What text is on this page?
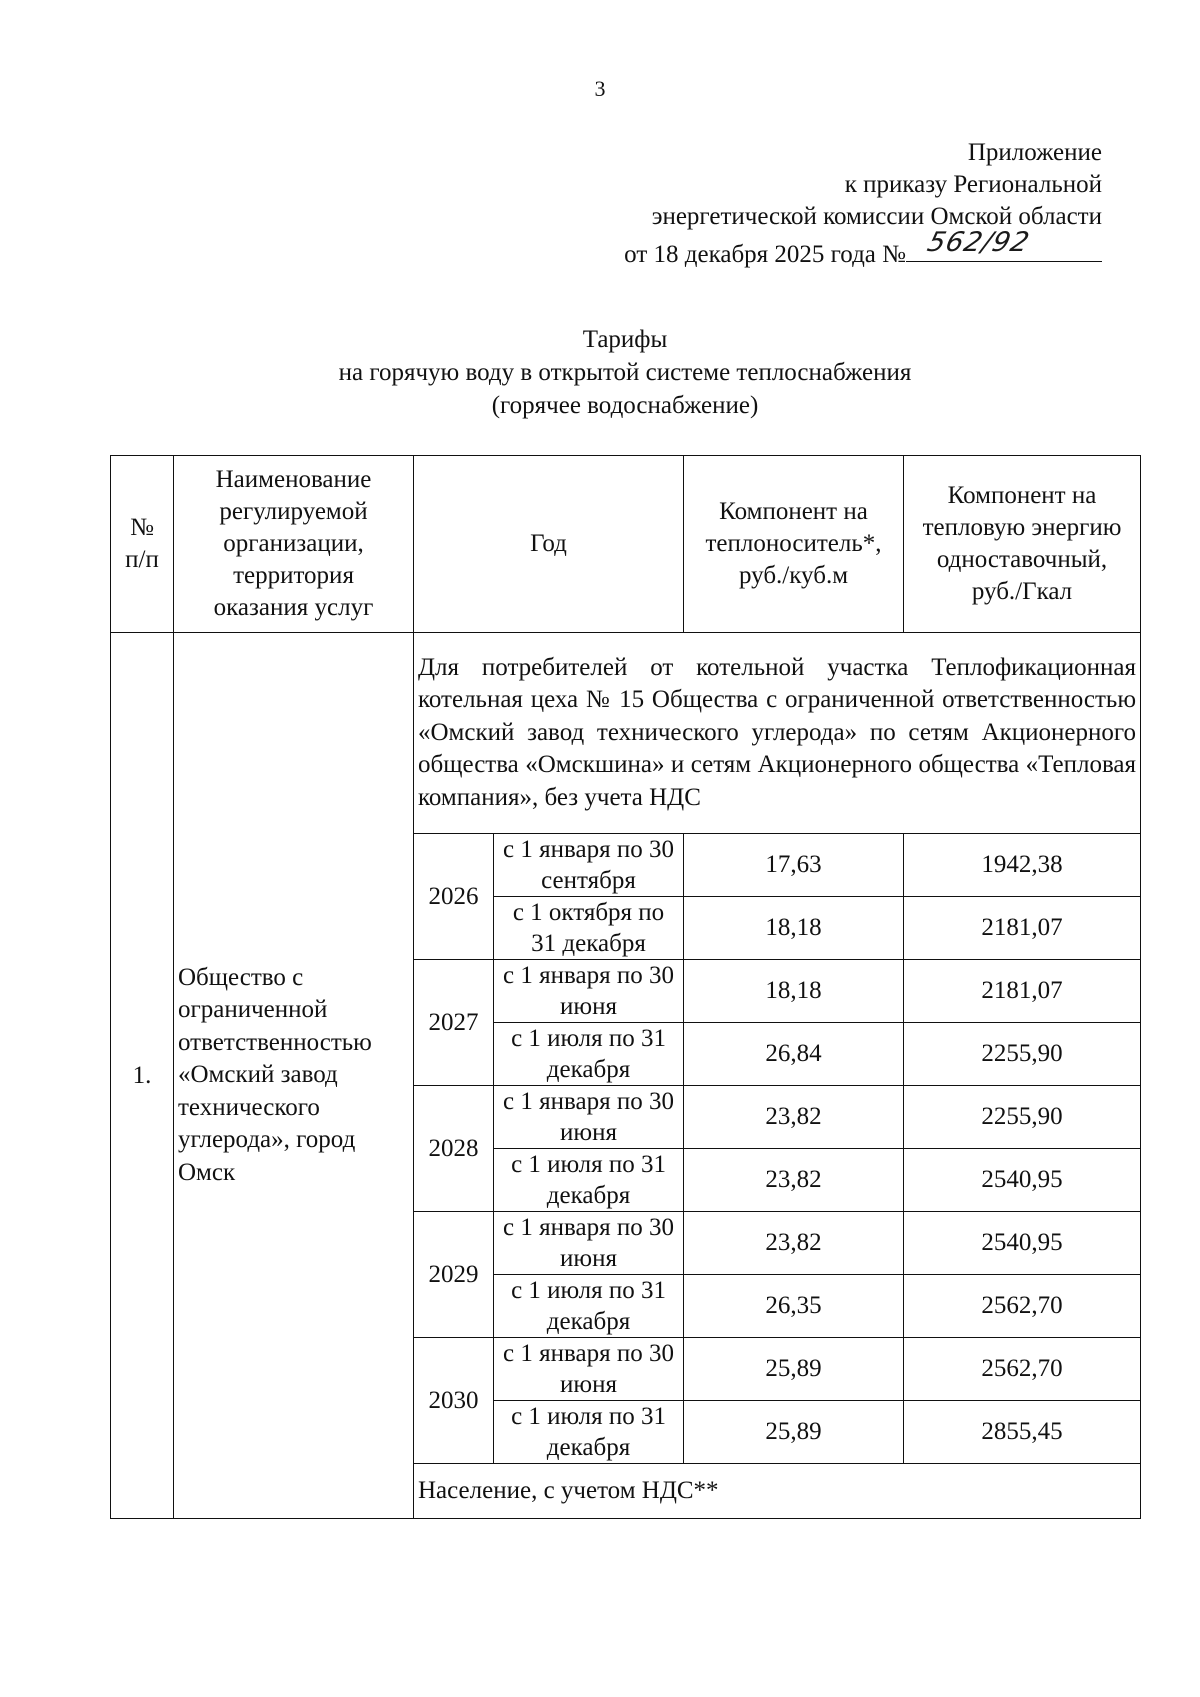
3
Приложение
к приказу Региональной
энергетической комиссии Омской области
от 18 декабря 2025 года № 562/92
Тарифы
на горячую воду в открытой системе теплоснабжения
(горячее водоснабжение)
№ п/п	Наименование регулируемой организации, территория оказания услуг	Год		Компонент на теплоноситель*, руб./куб.м	Компонент на тепловую энергию одноставочный, руб./Гкал
1.	Общество с ограниченной ответственностью «Омский завод технического углерода», город Омск	Для потребителей от котельной участка Теплофикационная котельная цеха № 15 Общества с ограниченной ответственностью «Омский завод технического углерода» по сетям Акционерного общества «Омскшина» и сетям Акционерного общества «Тепловая компания», без учета НДС			
		2026	с 1 января по 30 сентября	17,63	1942,38
			с 1 октября по 31 декабря	18,18	2181,07
		2027	с 1 января по 30 июня	18,18	2181,07
			с 1 июля по 31 декабря	26,84	2255,90
		2028	с 1 января по 30 июня	23,82	2255,90
			с 1 июля по 31 декабря	23,82	2540,95
		2029	с 1 января по 30 июня	23,82	2540,95
			с 1 июля по 31 декабря	26,35	2562,70
		2030	с 1 января по 30 июня	25,89	2562,70
			с 1 июля по 31 декабря	25,89	2855,45
		Население, с учетом НДС**			
